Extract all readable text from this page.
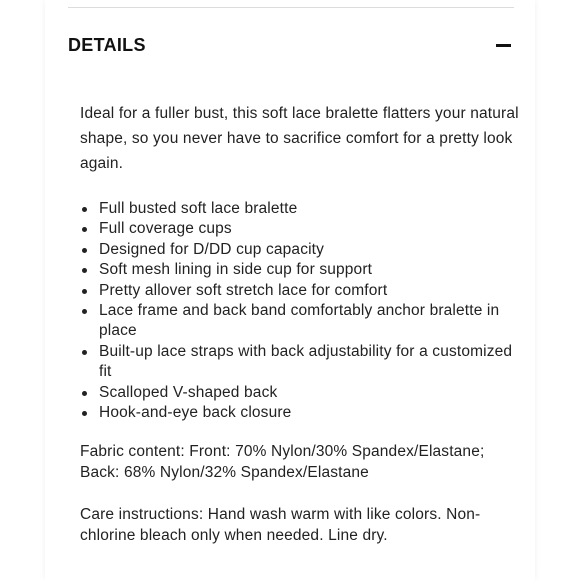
DETAILS

Ideal for a fuller bust, this soft lace bralette flatters your natural shape, so you never have to sacrifice comfort for a pretty look again.

Full busted soft lace bralette
Full coverage cups
Designed for D/DD cup capacity
Soft mesh lining in side cup for support
Pretty allover soft stretch lace for comfort
Lace frame and back band comfortably anchor bralette in place
Built-up lace straps with back adjustability for a customized fit
Scalloped V-shaped back
Hook-and-eye back closure

Fabric content: Front: 70% Nylon/30% Spandex/Elastane; Back: 68% Nylon/32% Spandex/Elastane

Care instructions: Hand wash warm with like colors. Non-chlorine bleach only when needed. Line dry.
